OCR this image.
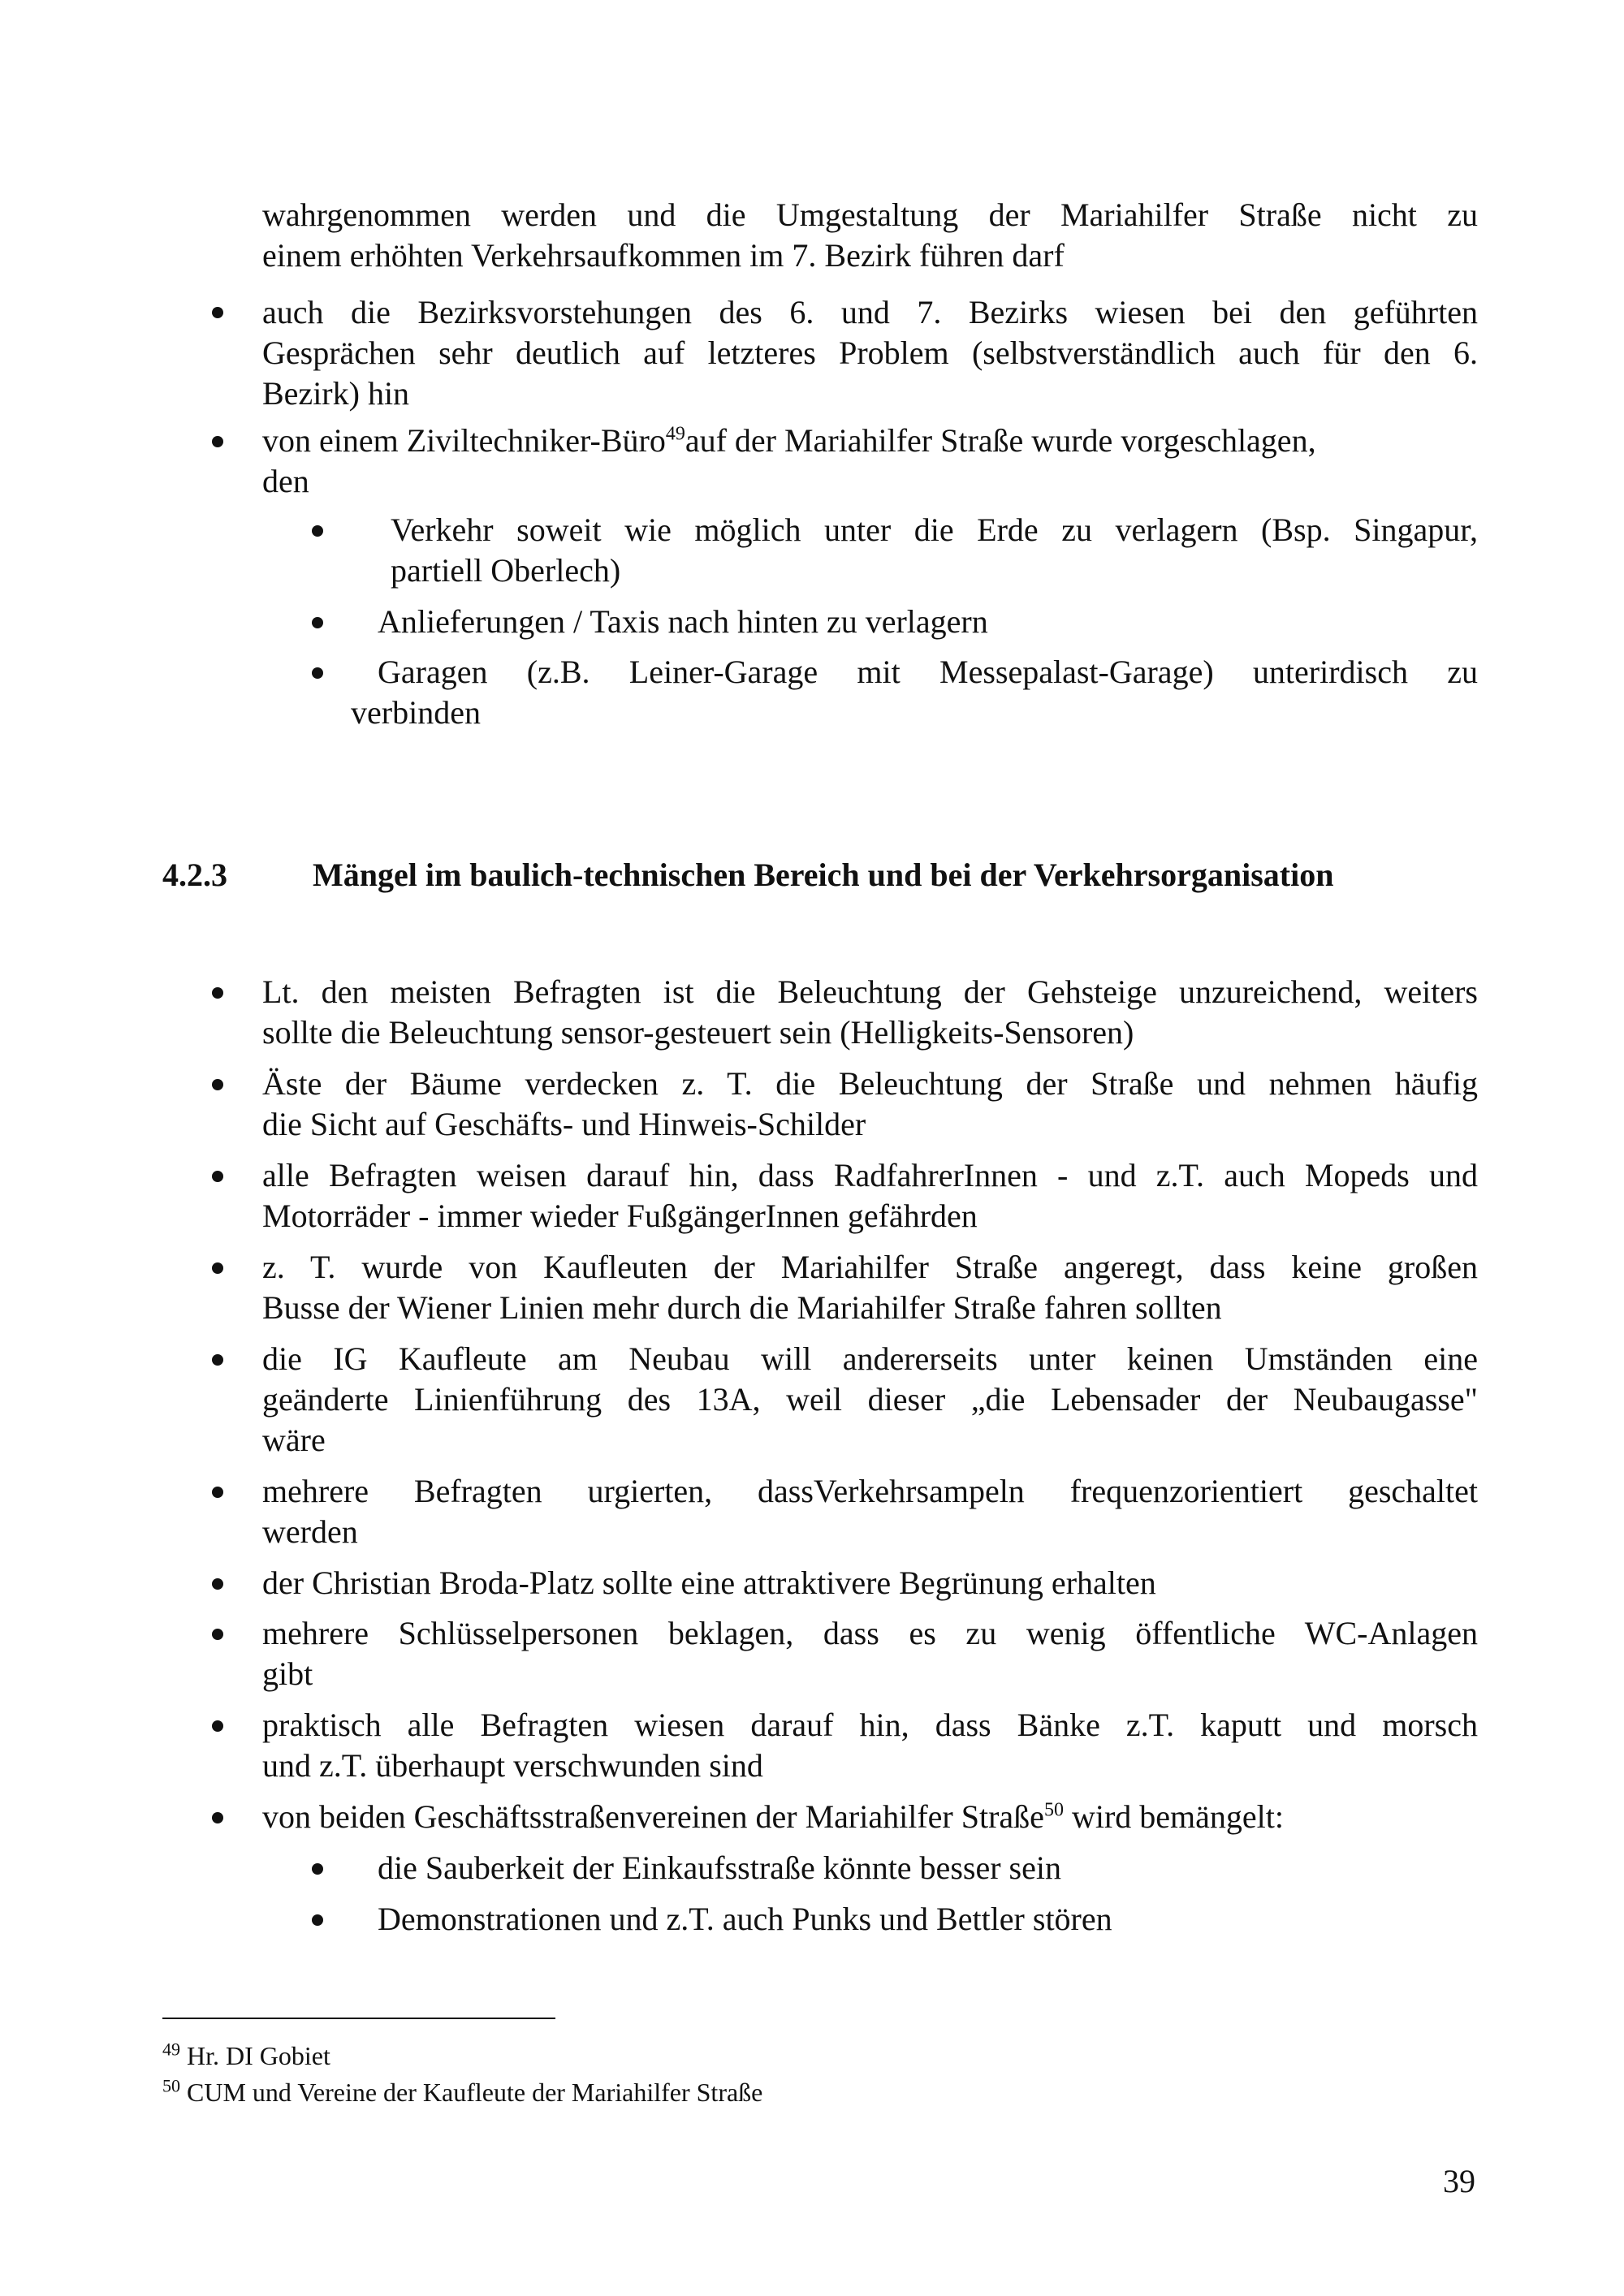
wahrgenommen werden und die Umgestaltung der Mariahilfer Straße nicht zu
einem erhöhten Verkehrsaufkommen im 7. Bezirk führen darf
auch die Bezirksvorstehungen des 6. und 7. Bezirks wiesen bei den geführten
Gesprächen sehr deutlich auf letzteres Problem (selbstverständlich auch für den 6.
Bezirk) hin
von einem Ziviltechniker-Büro$^{49}$auf der Mariahilfer Straße wurde vorgeschlagen,
den
Verkehr soweit wie möglich unter die Erde zu verlagern (Bsp. Singapur,
partiell Oberlech)
Anlieferungen / Taxis nach hinten zu verlagern
Garagen (z.B. Leiner-Garage mit Messepalast-Garage) unterirdisch zu
verbinden
4.2.3	Mängel im baulich-technischen Bereich und bei der Verkehrsorganisation
Lt. den meisten Befragten ist die Beleuchtung der Gehsteige unzureichend, weiters
sollte die Beleuchtung sensor-gesteuert sein (Helligkeits-Sensoren)
Äste der Bäume verdecken z. T. die Beleuchtung der Straße und nehmen häufig
die Sicht auf Geschäfts- und Hinweis-Schilder
alle Befragten weisen darauf hin, dass RadfahrerInnen - und z.T. auch Mopeds und
Motorräder - immer wieder FußgängerInnen gefährden
z. T. wurde von Kaufleuten der Mariahilfer Straße angeregt, dass keine großen
Busse der Wiener Linien mehr durch die Mariahilfer Straße fahren sollten
die IG Kaufleute am Neubau will andererseits unter keinen Umständen eine
geänderte Linienführung des 13A, weil dieser „die Lebensader der Neubaugasse"
wäre
mehrere Befragten urgierten, dassVerkehrsampeln frequenzorientiert geschaltet
werden
der Christian Broda-Platz sollte eine attraktivere Begrünung erhalten
mehrere Schlüsselpersonen beklagen, dass es zu wenig öffentliche WC-Anlagen
gibt
praktisch alle Befragten wiesen darauf hin, dass Bänke z.T. kaputt und morsch
und z.T. überhaupt verschwunden sind
von beiden Geschäftsstraßenvereinen der Mariahilfer Straße$^{50}$ wird bemängelt:
die Sauberkeit der Einkaufsstraße könnte besser sein
Demonstrationen und z.T. auch Punks und Bettler stören
$^{49}$ Hr. DI Gobiet
$^{50}$ CUM und Vereine der Kaufleute der Mariahilfer Straße
39
